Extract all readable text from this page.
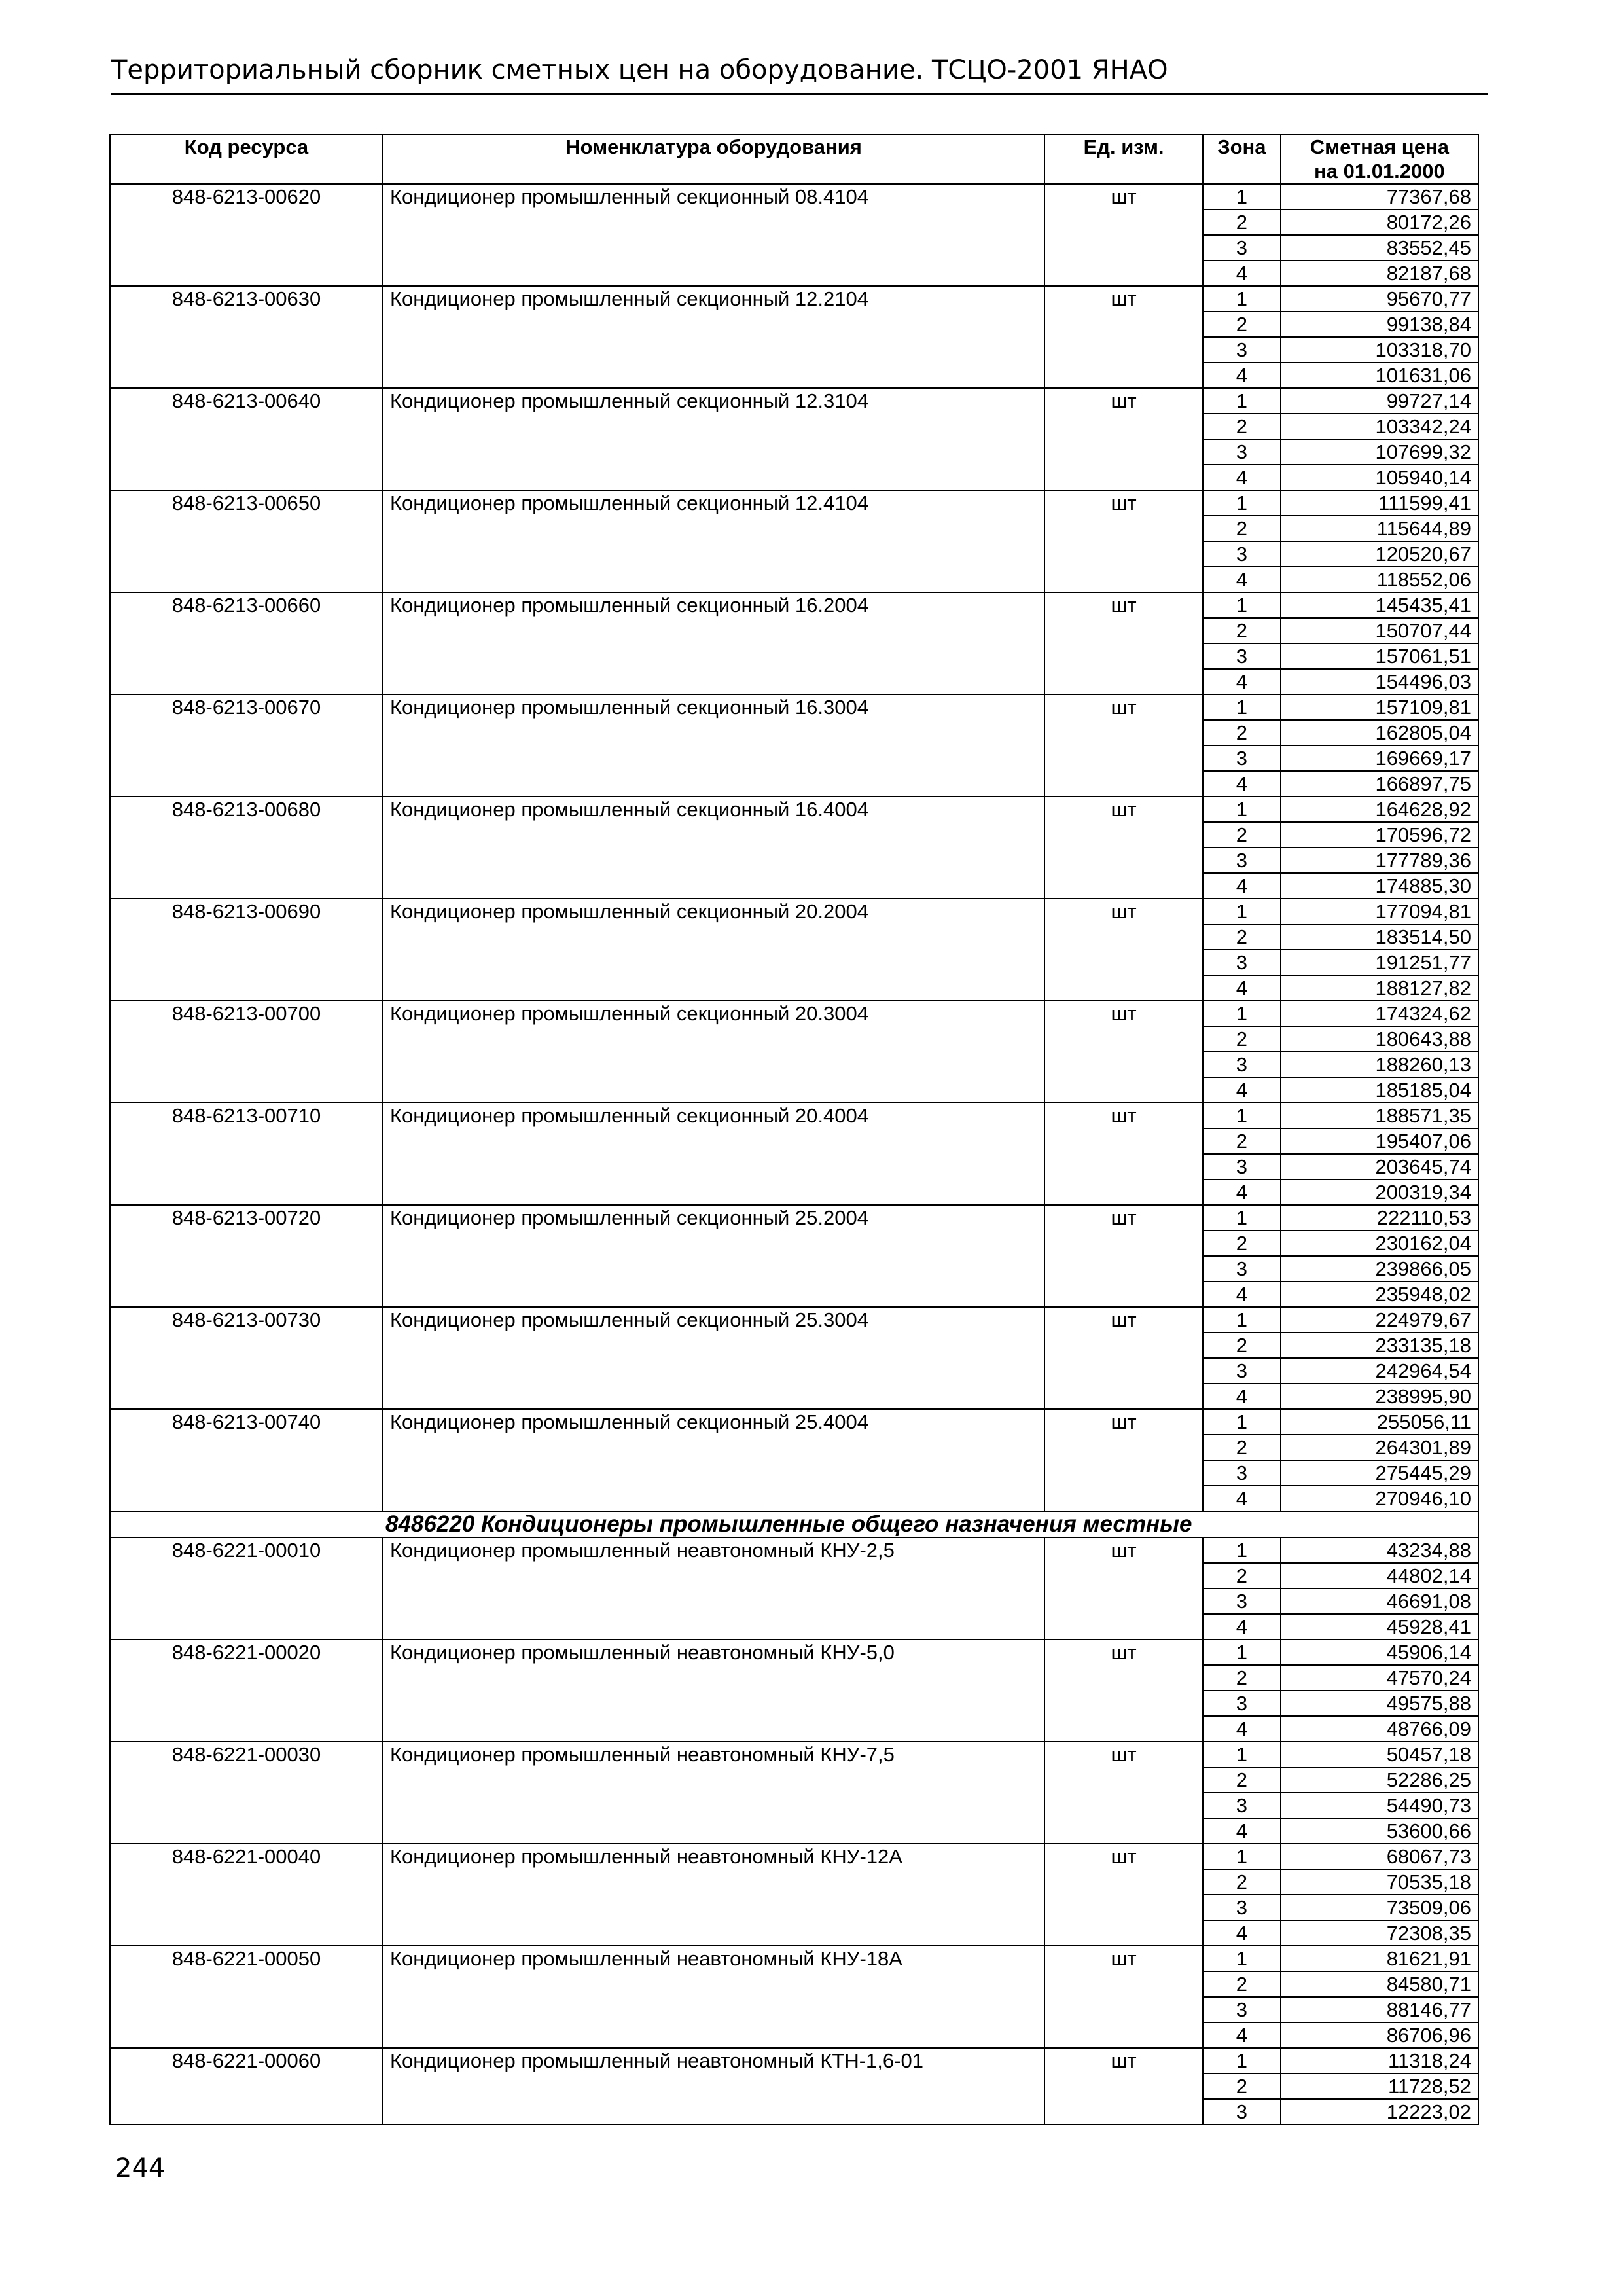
Территориальный сборник сметных цен на оборудование. ТСЦО-2001 ЯНАО
Код ресурса	Номенклатура оборудования	Ед. изм.	Зона	Сметная цена
на 01.01.2000

848-6213-00620	Кондиционер промышленный секционный 08.4104	шт	1	77367,68
			2	80172,26
			3	83552,45
			4	82187,68
848-6213-00630	Кондиционер промышленный секционный 12.2104	шт	1	95670,77
			2	99138,84
			3	103318,70
			4	101631,06
848-6213-00640	Кондиционер промышленный секционный 12.3104	шт	1	99727,14
			2	103342,24
			3	107699,32
			4	105940,14
848-6213-00650	Кондиционер промышленный секционный 12.4104	шт	1	111599,41
			2	115644,89
			3	120520,67
			4	118552,06
848-6213-00660	Кондиционер промышленный секционный 16.2004	шт	1	145435,41
			2	150707,44
			3	157061,51
			4	154496,03
848-6213-00670	Кондиционер промышленный секционный 16.3004	шт	1	157109,81
			2	162805,04
			3	169669,17
			4	166897,75
848-6213-00680	Кондиционер промышленный секционный 16.4004	шт	1	164628,92
			2	170596,72
			3	177789,36
			4	174885,30
848-6213-00690	Кондиционер промышленный секционный 20.2004	шт	1	177094,81
			2	183514,50
			3	191251,77
			4	188127,82
848-6213-00700	Кондиционер промышленный секционный 20.3004	шт	1	174324,62
			2	180643,88
			3	188260,13
			4	185185,04
848-6213-00710	Кондиционер промышленный секционный 20.4004	шт	1	188571,35
			2	195407,06
			3	203645,74
			4	200319,34
848-6213-00720	Кондиционер промышленный секционный 25.2004	шт	1	222110,53
			2	230162,04
			3	239866,05
			4	235948,02
848-6213-00730	Кондиционер промышленный секционный 25.3004	шт	1	224979,67
			2	233135,18
			3	242964,54
			4	238995,90
848-6213-00740	Кондиционер промышленный секционный 25.4004	шт	1	255056,11
			2	264301,89
			3	275445,29
			4	270946,10
8486220 Кондиционеры промышленные общего назначения местные				
848-6221-00010	Кондиционер промышленный неавтономный КНУ-2,5	шт	1	43234,88
			2	44802,14
			3	46691,08
			4	45928,41
848-6221-00020	Кондиционер промышленный неавтономный КНУ-5,0	шт	1	45906,14
			2	47570,24
			3	49575,88
			4	48766,09
848-6221-00030	Кондиционер промышленный неавтономный КНУ-7,5	шт	1	50457,18
			2	52286,25
			3	54490,73
			4	53600,66
848-6221-00040	Кондиционер промышленный неавтономный КНУ-12А	шт	1	68067,73
			2	70535,18
			3	73509,06
			4	72308,35
848-6221-00050	Кондиционер промышленный неавтономный КНУ-18А	шт	1	81621,91
			2	84580,71
			3	88146,77
			4	86706,96
848-6221-00060	Кондиционер промышленный неавтономный КТН-1,6-01	шт	1	11318,24
			2	11728,52
			3	12223,02
244
